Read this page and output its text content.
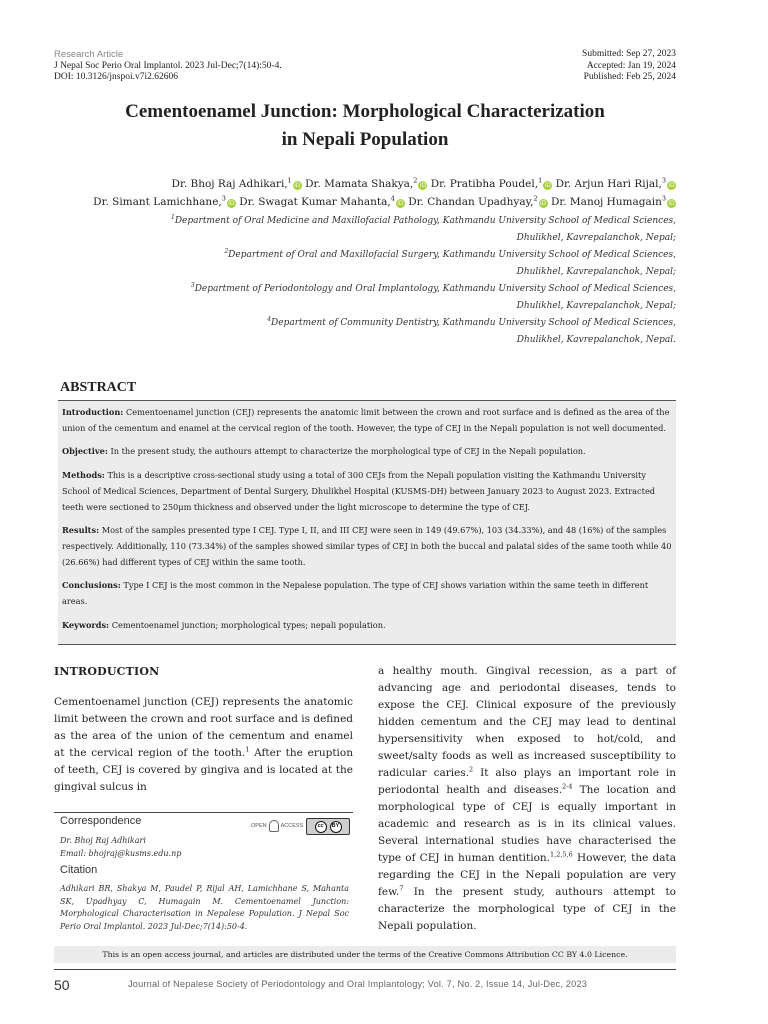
Research Article
J Nepal Soc Perio Oral Implantol. 2023 Jul-Dec;7(14):50-4.
DOI: 10.3126/jnspoi.v7i2.62606
Submitted: Sep 27, 2023
Accepted: Jan 19, 2024
Published: Feb 25, 2024
Cementoenamel Junction: Morphological Characterization
in Nepali Population
Dr. Bhoj Raj Adhikari,$^1$iD Dr. Mamata Shakya,$^2$iD Dr. Pratibha Poudel,$^1$iD Dr. Arjun Hari Rijal,$^3$iD
Dr. Simant Lamichhane,$^3$iD Dr. Swagat Kumar Mahanta,$^4$iD Dr. Chandan Upadhyay,$^2$iD Dr. Manoj Humagain$^3$iD
$^1$Department of Oral Medicine and Maxillofacial Pathology, Kathmandu University School of Medical Sciences,
Dhulikhel, Kavrepalanchok, Nepal;
$^2$Department of Oral and Maxillofacial Surgery, Kathmandu University School of Medical Sciences,
Dhulikhel, Kavrepalanchok, Nepal;
$^3$Department of Periodontology and Oral Implantology, Kathmandu University School of Medical Sciences,
Dhulikhel, Kavrepalanchok, Nepal;
$^4$Department of Community Dentistry, Kathmandu University School of Medical Sciences,
Dhulikhel, Kavrepalanchok, Nepal.
ABSTRACT

Introduction: Cementoenamel junction (CEJ) represents the anatomic limit between the crown and root surface and is defined as the area of the union of the cementum and enamel at the cervical region of the tooth. However, the type of CEJ in the Nepali population is not well documented.

Objective: In the present study, the authours attempt to characterize the morphological type of CEJ in the Nepali population.

Methods: This is a descriptive cross-sectional study using a total of 300 CEJs from the Nepali population visiting the Kathmandu University School of Medical Sciences, Department of Dental Surgery, Dhulikhel Hospital (KUSMS-DH) between January 2023 to August 2023. Extracted teeth were sectioned to 250μm thickness and observed under the light microscope to determine the type of CEJ.

Results: Most of the samples presented type I CEJ. Type I, II, and III CEJ were seen in 149 (49.67%), 103 (34.33%), and 48 (16%) of the samples respectively. Additionally, 110 (73.34%) of the samples showed similar types of CEJ in both the buccal and palatal sides of the same tooth while 40 (26.66%) had different types of CEJ within the same tooth.

Conclusions: Type I CEJ is the most common in the Nepalese population. The type of CEJ shows variation within the same teeth in different areas.

Keywords: Cementoenamel junction; morphological types; nepali population.

INTRODUCTION
Cementoenamel junction (CEJ) represents the anatomic limit between the crown and root surface and is defined as the area of the union of the cementum and enamel at the cervical region of the tooth.$^1$ After the eruption of teeth, CEJ is covered by gingiva and is located at the gingival sulcus in
a healthy mouth. Gingival recession, as a part of advancing age and periodontal diseases, tends to expose the CEJ. Clinical exposure of the previously hidden cementum and the CEJ may lead to dentinal hypersensitivity when exposed to hot/cold, and sweet/salty foods as well as increased susceptibility to radicular caries.$^2$ It also plays an important role in periodontal health and diseases.$^{2-4}$ The location and morphological type of CEJ is equally important in academic and research as is in its clinical values. Several international studies have characterised the type of CEJ in human dentition.$^{1,2,5,6}$ However, the data regarding the CEJ in the Nepali population are very few.$^7$ In the present study, authours attempt to characterize the morphological type of CEJ in the Nepali population.
Correspondence	OPEN	ACCESS	cc	BY
Dr. Bhoj Raj Adhikari
Email: bhojraj@kusms.edu.np
Citation
Adhikari BR, Shakya M, Paudel P, Rijal AH, Lamichhane S, Mahanta SK, Upadhyay C, Humagain M. Cementoenamel Junction: Morphological Characterisation in Nepalese Population. J Nepal Soc Perio Oral Implantol. 2023 Jul-Dec;7(14):50-4.
This is an open access journal, and articles are distributed under the terms of the Creative Commons Attribution CC BY 4.0 Licence.
50	Journal of Nepalese Society of Periodontology and Oral Implantology; Vol. 7, No. 2, Issue 14, Jul-Dec, 2023
